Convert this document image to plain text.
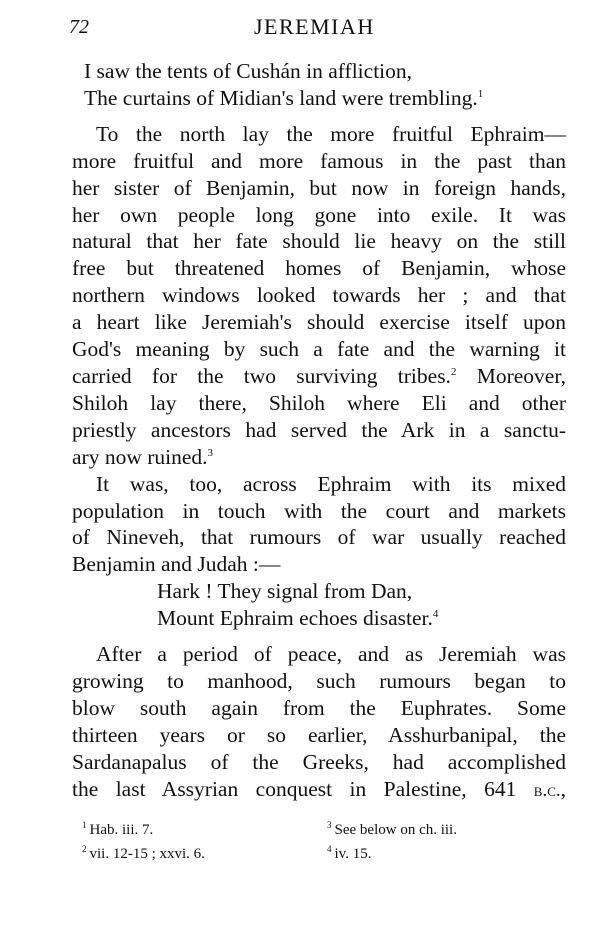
72	JEREMIAH
I saw the tents of Cushán in affliction,
The curtains of Midian's land were trembling.$^1$
To the north lay the more fruitful Ephraim—
more fruitful and more famous in the past than
her sister of Benjamin, but now in foreign hands,
her own people long gone into exile. It was
natural that her fate should lie heavy on the still
free but threatened homes of Benjamin, whose
northern windows looked towards her ; and that
a heart like Jeremiah's should exercise itself upon
God's meaning by such a fate and the warning it
carried for the two surviving tribes.$^2$ Moreover,
Shiloh lay there, Shiloh where Eli and other
priestly ancestors had served the Ark in a sanctu-
ary now ruined.$^3$
It was, too, across Ephraim with its mixed
population in touch with the court and markets
of Nineveh, that rumours of war usually reached
Benjamin and Judah :—
Hark ! They signal from Dan,
Mount Ephraim echoes disaster.$^4$
After a period of peace, and as Jeremiah was
growing to manhood, such rumours began to
blow south again from the Euphrates. Some
thirteen years or so earlier, Asshurbanipal, the
Sardanapalus of the Greeks, had accomplished
the last Assyrian conquest in Palestine, 641 b.c.,
$^1$ Hab. iii. 7.	$^3$ See below on ch. iii.
$^2$ vii. 12-15 ; xxvi. 6.	$^4$ iv. 15.
